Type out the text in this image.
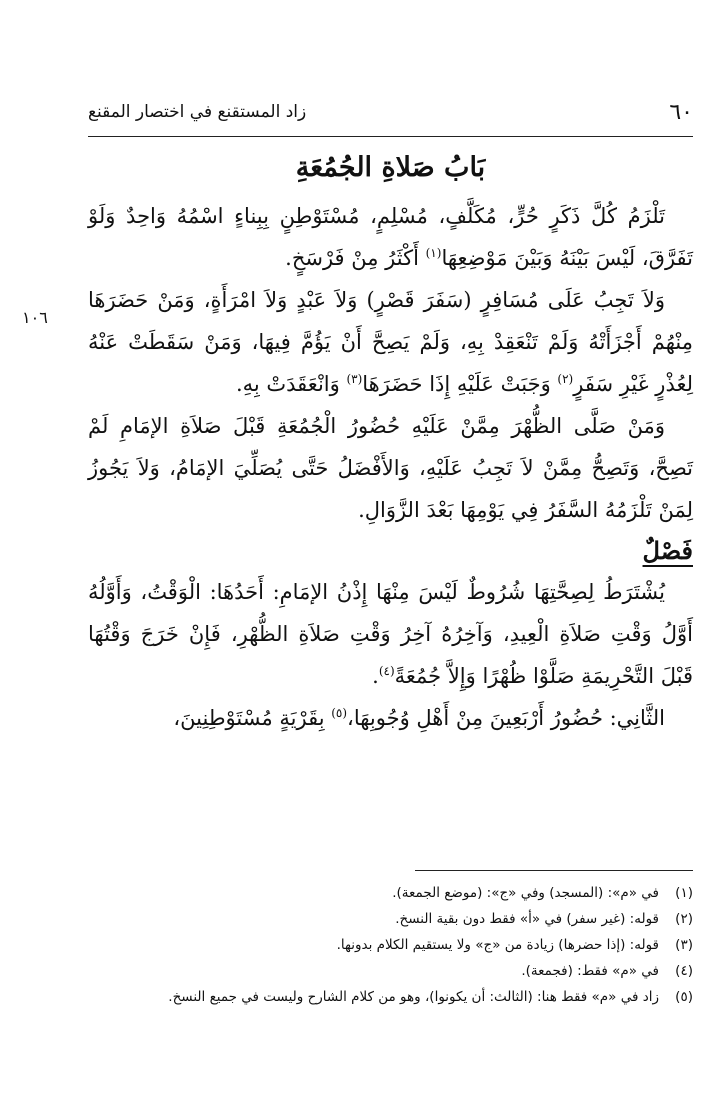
٦٠
زاد المستقنع في اختصار المقنع
بَابُ صَلاةِ الجُمُعَةِ
١٠٦

تَلْزَمُ كُلَّ ذَكَرٍ حُرٍّ، مُكَلَّفٍ، مُسْلِمٍ، مُسْتَوْطِنٍ بِبِناءٍ اسْمُهُ وَاحِدٌ وَلَوْ تَفَرَّقَ، لَيْسَ بَيْنَهُ وَبَيْنَ مَوْضِعِهَا$^{(١)}$ أَكْثَرُ مِنْ فَرْسَخٍ.

وَلاَ تَجِبُ عَلَى مُسَافِرٍ (سَفَرَ قَصْرٍ) وَلاَ عَبْدٍ وَلاَ امْرَأَةٍ، وَمَنْ حَضَرَهَا مِنْهُمْ أَجْزَأَتْهُ وَلَمْ تَنْعَقِدْ بِهِ، وَلَمْ يَصِحَّ أَنْ يَؤُمَّ فِيهَا، وَمَنْ سَقَطَتْ عَنْهُ لِعُذْرٍ غَيْرِ سَفَرٍ$^{(٢)}$ وَجَبَتْ عَلَيْهِ إِذَا حَضَرَهَا$^{(٣)}$ وَانْعَقَدَتْ بِهِ.

وَمَنْ صَلَّى الظُّهْرَ مِمَّنْ عَلَيْهِ حُضُورُ الْجُمُعَةِ قَبْلَ صَلاَةِ الإمَامِ لَمْ تَصِحَّ، وَتَصِحُّ مِمَّنْ لاَ تَجِبُ عَلَيْهِ، وَالأَفْضَلُ حَتَّى يُصَلِّيَ الإمَامُ، وَلاَ يَجُوزُ لِمَنْ تَلْزَمُهُ السَّفَرُ فِي يَوْمِهَا بَعْدَ الزَّوَالِ.

فَصْلٌ

يُشْتَرَطُ لِصِحَّتِهَا شُرُوطٌ لَيْسَ مِنْهَا إِذْنُ الإمَامِ: أَحَدُهَا: الْوَقْتُ، وَأَوَّلُهُ أَوَّلُ وَقْتِ صَلاَةِ الْعِيدِ، وَآخِرُهُ آخِرُ وَقْتِ صَلاَةِ الظُّهْرِ، فَإِنْ خَرَجَ وَقْتُهَا قَبْلَ التَّحْرِيمَةِ صَلَّوْا ظُهْرًا وَإِلاَّ جُمُعَةً$^{(٤)}$.

الثَّانِي: حُضُورُ أَرْبَعِينَ مِنْ أَهْلِ وُجُوبِهَا،$^{(٥)}$ بِقَرْيَةٍ مُسْتَوْطِنِينَ،

(١)في «م»: (المسجد) وفي «ج»: (موضع الجمعة).
(٢)قوله: (غير سفر) في «أ» فقط دون بقية النسخ.
(٣)قوله: (إذا حضرها) زيادة من «ج» ولا يستقيم الكلام بدونها.
(٤)في «م» فقط: (فجمعة).
(٥)زاد في «م» فقط هنا: (الثالث: أن يكونوا)، وهو من كلام الشارح وليست في جميع النسخ.
